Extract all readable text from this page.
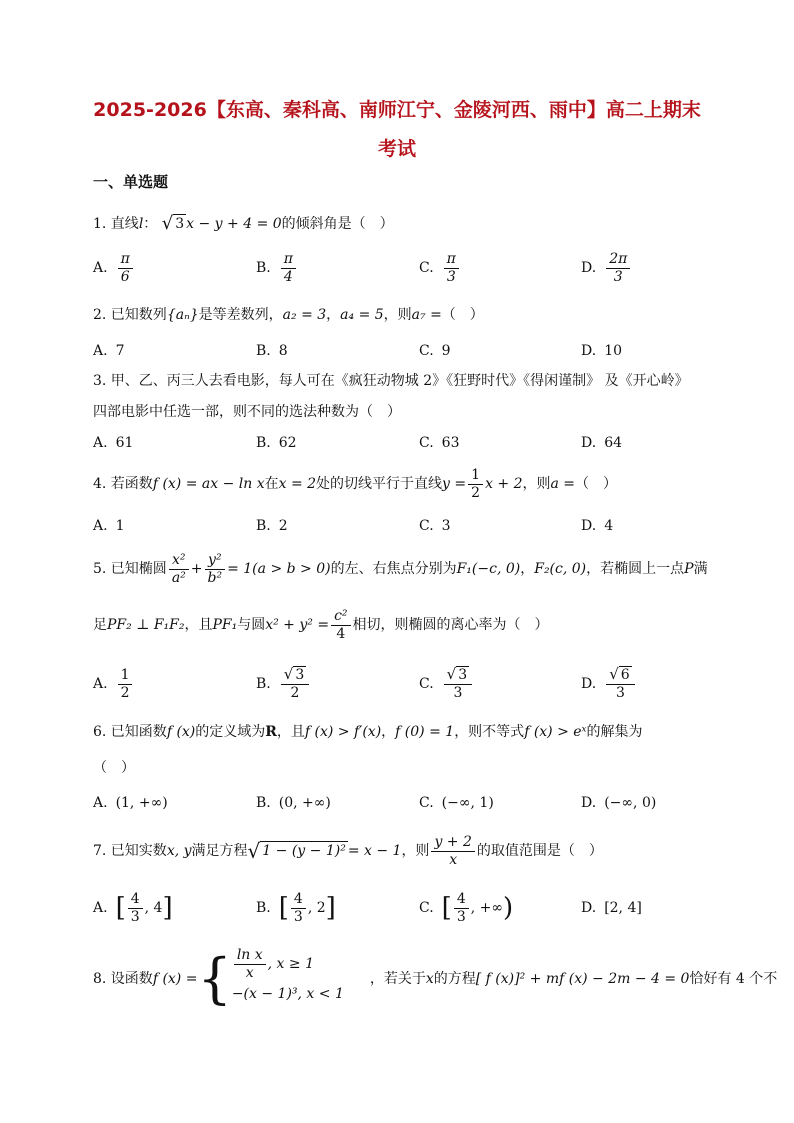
2025-2026【东高、秦科高、南师江宁、金陵河西、雨中】高二上期末
考试
一、单选题
1. 直线l： √ 3 x − y + 4 = 0的倾斜角是（　）
A. $\frac{\pi}{6}$	B. $\frac{\pi}{4}$	C. $\frac{\pi}{3}$	D. $\frac{2\pi}{3}$
2. 已知数列{aₙ}是等差数列，a₂ = 3，a₄ = 5，则a₇ =（　）
A. 7	B. 8	C. 9	D. 10
3. 甲、乙、丙三人去看电影，每人可在《疯狂动物城 2》《狂野时代》《得闲谨制》 及《开心岭》
四部电影中任选一部，则不同的选法种数为（　）
A. 61	B. 62	C. 63	D. 64
4. 若函数 f (x) = ax − ln x 在 x = 2 处的切线平行于直线 $y = \frac{1}{2}$ x + 2 ，则 a = （　）
A. 1	B. 2	C. 3	D. 4
5. 已知椭圆 $\frac{\text{x²}}{\text{a²}} + \frac{\text{y²}}{\text{b²}} = 1(a > b > 0)$ 的左、右焦点分别为 F₁(−c, 0) ， F₂(c, 0) ，若椭圆上一点 P 满
足 PF₂ ⊥ F₁F₂ ，且 PF₁ 与圆 $x^2 + y^2 = \frac{\text{c²}}{4}$ 相切，则椭圆的离心率为（　）
A. $\frac{1}{2}$	B. $\frac{√ 3}{2}$	C. $\frac{√ 3}{3}$	D. $\frac{√ 6}{3}$
6. 已知函数f (x)的定义域为R，且f (x) > f′(x)，f (0) = 1，则不等式f (x) > eˣ的解集为
（　）
A. (1, +∞)	B. (0, +∞)	C. (−∞, 1)	D. (−∞, 0)
7. 已知实数 x, y 满足方程 √ 1 − (y − 1)² = x − 1 ，则 $\frac{y + 2}{x}$ 的取值范围是（　）
A. [ $\frac{4}{3}$ , 4 ]	B. [ $\frac{4}{3}$ , 2 ]	C. [ $\frac{4}{3}$ , +∞ )	D. [2, 4]
8. 设函数 f (x) = { $\frac{\text{ln x}}{x}$ , x ≥ 1
−(x − 1)³, x < 1
，若关于 x 的方程 [ f (x)]² + mf (x) − 2m − 4 = 0 恰好有 4 个不
